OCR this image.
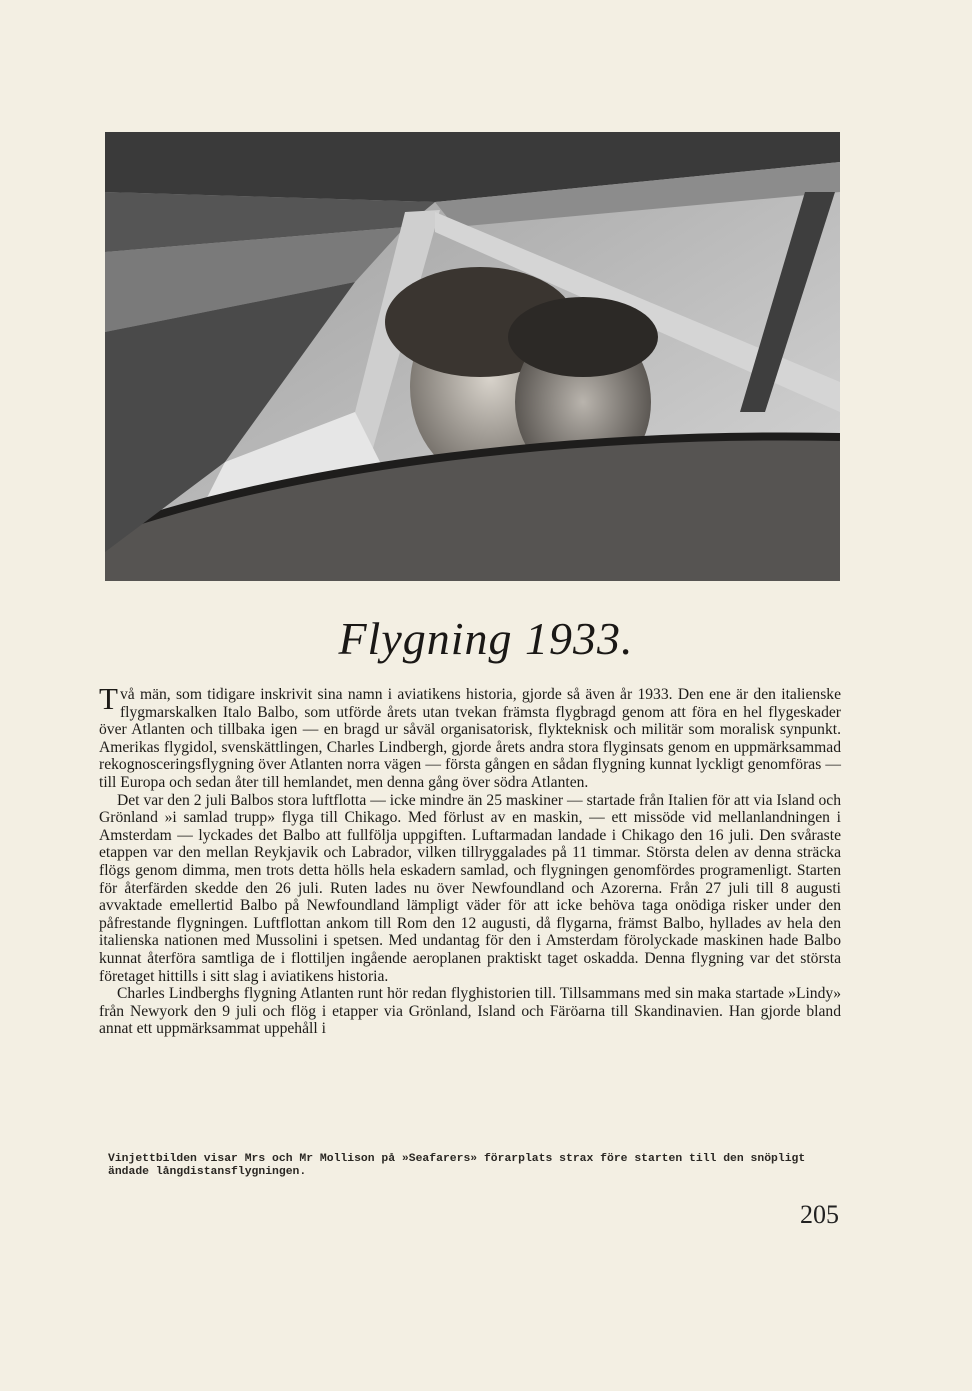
Flygning 1933.

Två män, som tidigare inskrivit sina namn i aviatikens historia, gjorde så även år 1933. Den ene är den italienske flygmarskalken Italo Balbo, som utförde årets utan tvekan främsta flygbragd genom att föra en hel flygeskader över Atlanten och tillbaka igen — en bragd ur såväl organisatorisk, flykteknisk och militär som moralisk synpunkt. Amerikas flygidol, svenskättlingen, Charles Lindbergh, gjorde årets andra stora flyginsats genom en uppmärksammad rekognosceringsflygning över Atlanten norra vägen — första gången en sådan flygning kunnat lyckligt genomföras — till Europa och sedan åter till hemlandet, men denna gång över södra Atlanten.

Det var den 2 juli Balbos stora luftflotta — icke mindre än 25 maskiner — startade från Italien för att via Island och Grönland »i samlad trupp» flyga till Chikago. Med förlust av en maskin, — ett missöde vid mellanlandningen i Amsterdam — lyckades det Balbo att fullfölja uppgiften. Luftarmadan landade i Chikago den 16 juli. Den svåraste etappen var den mellan Reykjavik och Labrador, vilken tillryggalades på 11 timmar. Största delen av denna sträcka flögs genom dimma, men trots detta hölls hela eskadern samlad, och flygningen genomfördes programenligt. Starten för återfärden skedde den 26 juli. Ruten lades nu över Newfoundland och Azorerna. Från 27 juli till 8 augusti avvaktade emellertid Balbo på Newfoundland lämpligt väder för att icke behöva taga onödiga risker under den påfrestande flygningen. Luftflottan ankom till Rom den 12 augusti, då flygarna, främst Balbo, hyllades av hela den italienska nationen med Mussolini i spetsen. Med undantag för den i Amsterdam förolyckade maskinen hade Balbo kunnat återföra samtliga de i flottiljen ingående aeroplanen praktiskt taget oskadda. Denna flygning var det största företaget hittills i sitt slag i aviatikens historia.

Charles Lindberghs flygning Atlanten runt hör redan flyghistorien till. Tillsammans med sin maka startade »Lindy» från Newyork den 9 juli och flög i etapper via Grönland, Island och Färöarna till Skandinavien. Han gjorde bland annat ett uppmärksammat uppehåll i

Vinjettbilden visar Mrs och Mr Mollison på »Seafarers» förarplats strax före starten till den snöpligt ändade långdistansflygningen.
205
